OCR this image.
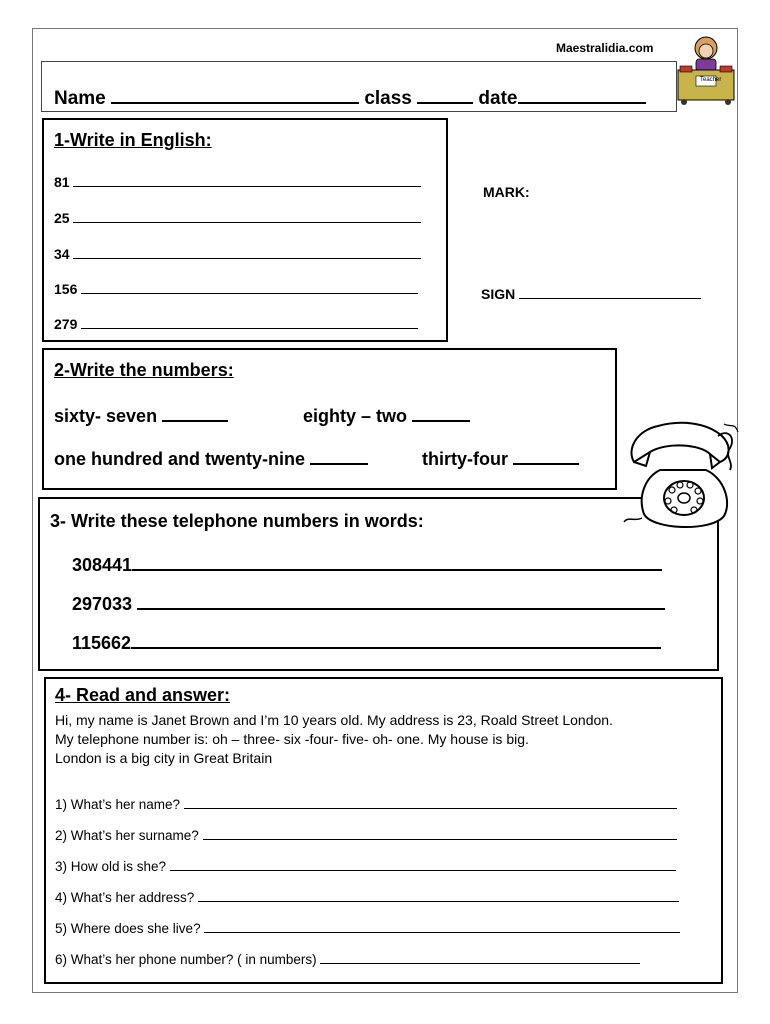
Maestralidia.com
Teacher
Name	class	date
1-Write in English:
81
25
34
156
279
MARK:
SIGN
2-Write the numbers:
sixty- seven	eighty – two
one hundred and twenty-nine	thirty-four
3- Write these telephone numbers in words:
308441
297033
115662
4- Read and answer:
Hi, my name is Janet Brown and I’m 10 years old. My address is 23, Roald Street London.
My telephone number is: oh – three- six -four- five- oh- one. My house is big.
London is a big city in Great Britain
1) What’s her name?
2) What’s her surname?
3) How old is she?
4) What’s her address?
5) Where does she live?
6) What’s her phone number? ( in numbers)
